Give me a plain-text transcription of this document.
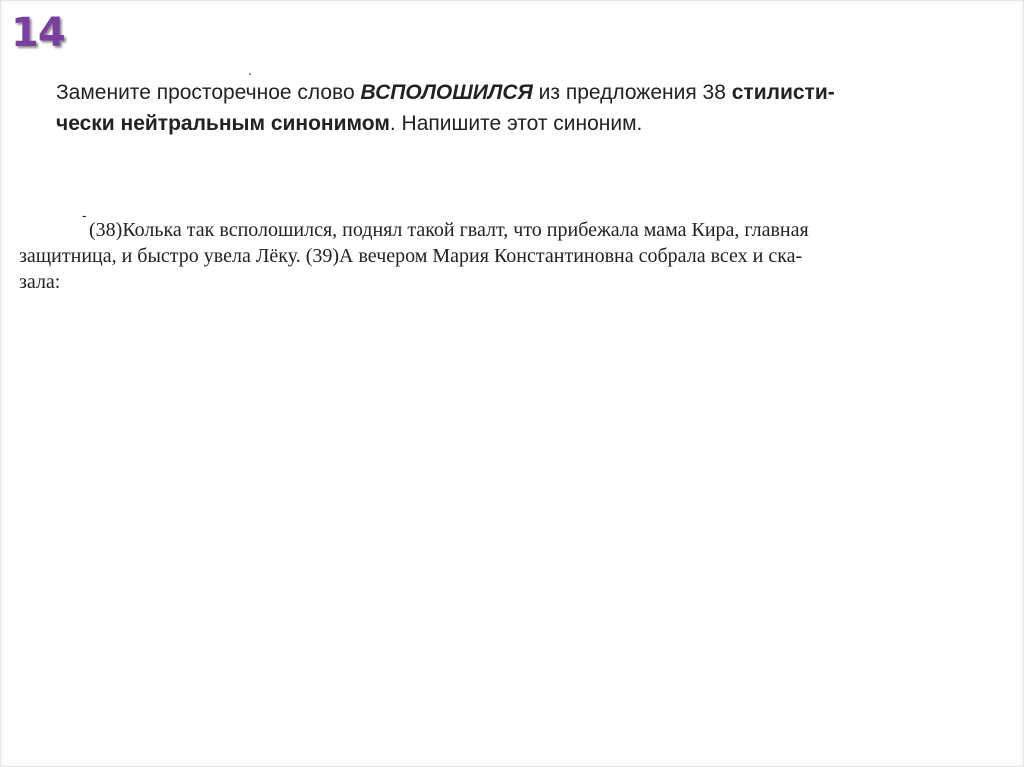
14
.
-
Замените просторечное слово ВСПОЛОШИЛСЯ из предложения 38 стилисти-
чески нейтральным синонимом. Напишите этот синоним.
(38)Колька так всполошился, поднял такой гвалт, что прибежала мама Кира, главная
защитница, и быстро увела Лёку. (39)А вечером Мария Константиновна собрала всех и ска-
зала:
